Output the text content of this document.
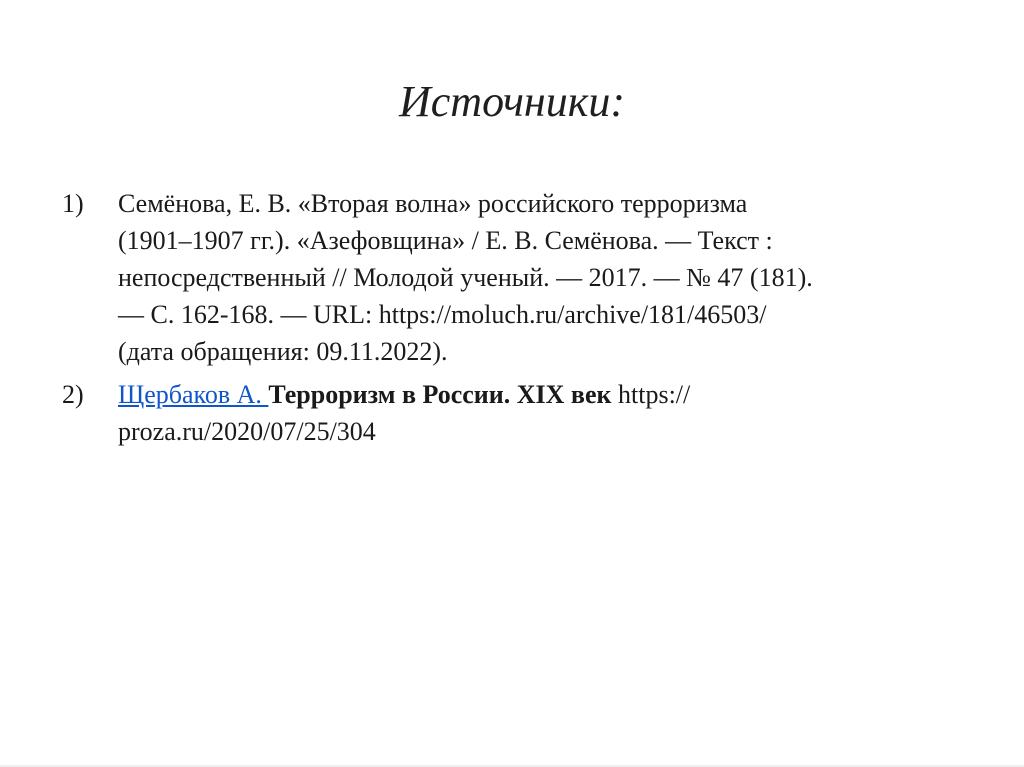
Источники:
1) Семёнова, Е. В. «Вторая волна» российского терроризма
(1901–1907 гг.). «Азефовщина» / Е. В. Семёнова. — Текст :
непосредственный // Молодой ученый. — 2017. — № 47 (181).
— С. 162-168. — URL: https://moluch.ru/archive/181/46503/
(дата обращения: 09.11.2022).
2) Щербаков А. Терроризм в России. XIX век https://
proza.ru/2020/07/25/304
